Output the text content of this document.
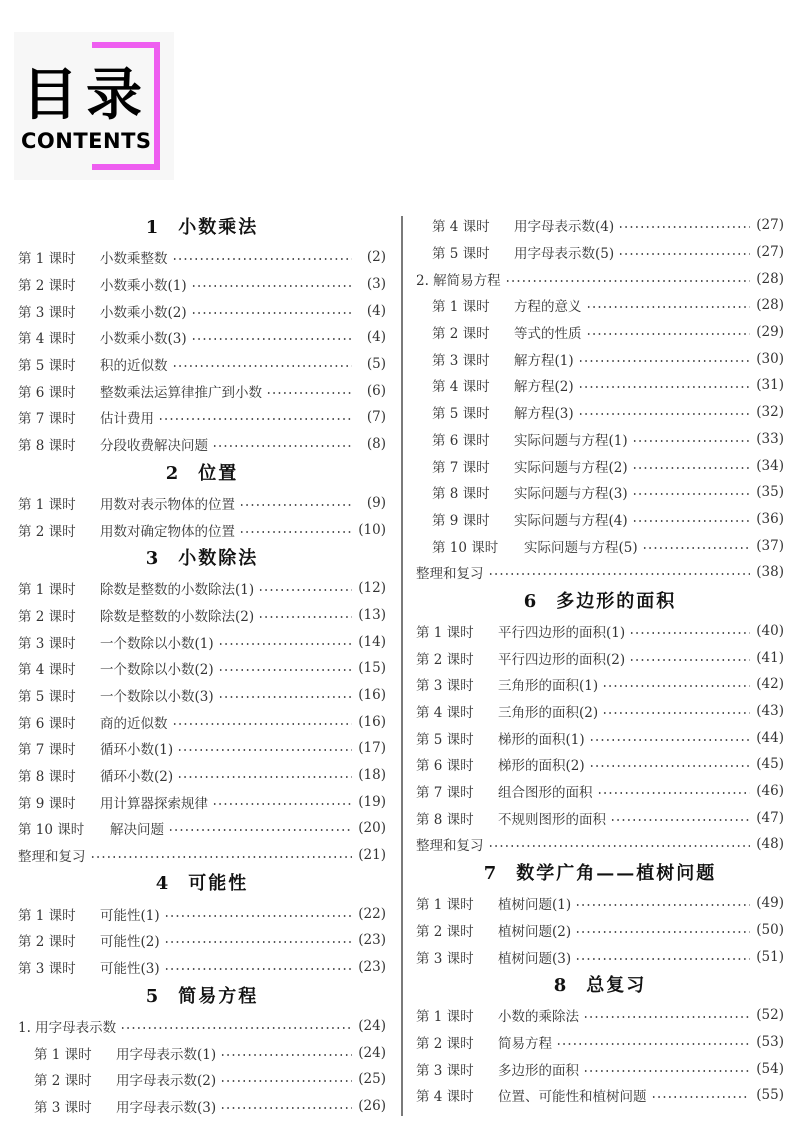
目录
CONTENTS
1 小数乘法
第 1 课时	小数乘整数	(2)
第 2 课时	小数乘小数(1)	(3)
第 3 课时	小数乘小数(2)	(4)
第 4 课时	小数乘小数(3)	(4)
第 5 课时	积的近似数	(5)
第 6 课时	整数乘法运算律推广到小数	(6)
第 7 课时	估计费用	(7)
第 8 课时	分段收费解决问题	(8)
2 位置
第 1 课时	用数对表示物体的位置	(9)
第 2 课时	用数对确定物体的位置	(10)
3 小数除法
第 1 课时	除数是整数的小数除法(1)	(12)
第 2 课时	除数是整数的小数除法(2)	(13)
第 3 课时	一个数除以小数(1)	(14)
第 4 课时	一个数除以小数(2)	(15)
第 5 课时	一个数除以小数(3)	(16)
第 6 课时	商的近似数	(16)
第 7 课时	循环小数(1)	(17)
第 8 课时	循环小数(2)	(18)
第 9 课时	用计算器探索规律	(19)
第 10 课时	解决问题	(20)
整理和复习	(21)
4 可能性
第 1 课时	可能性(1)	(22)
第 2 课时	可能性(2)	(23)
第 3 课时	可能性(3)	(23)
5 简易方程
1. 用字母表示数	(24)
第 1 课时	用字母表示数(1)	(24)
第 2 课时	用字母表示数(2)	(25)
第 3 课时	用字母表示数(3)	(26)
第 4 课时	用字母表示数(4)	(27)
第 5 课时	用字母表示数(5)	(27)
2. 解简易方程	(28)
第 1 课时	方程的意义	(28)
第 2 课时	等式的性质	(29)
第 3 课时	解方程(1)	(30)
第 4 课时	解方程(2)	(31)
第 5 课时	解方程(3)	(32)
第 6 课时	实际问题与方程(1)	(33)
第 7 课时	实际问题与方程(2)	(34)
第 8 课时	实际问题与方程(3)	(35)
第 9 课时	实际问题与方程(4)	(36)
第 10 课时	实际问题与方程(5)	(37)
整理和复习	(38)
6 多边形的面积
第 1 课时	平行四边形的面积(1)	(40)
第 2 课时	平行四边形的面积(2)	(41)
第 3 课时	三角形的面积(1)	(42)
第 4 课时	三角形的面积(2)	(43)
第 5 课时	梯形的面积(1)	(44)
第 6 课时	梯形的面积(2)	(45)
第 7 课时	组合图形的面积	(46)
第 8 课时	不规则图形的面积	(47)
整理和复习	(48)
7 数学广角——植树问题
第 1 课时	植树问题(1)	(49)
第 2 课时	植树问题(2)	(50)
第 3 课时	植树问题(3)	(51)
8 总复习
第 1 课时	小数的乘除法	(52)
第 2 课时	简易方程	(53)
第 3 课时	多边形的面积	(54)
第 4 课时	位置、可能性和植树问题	(55)
